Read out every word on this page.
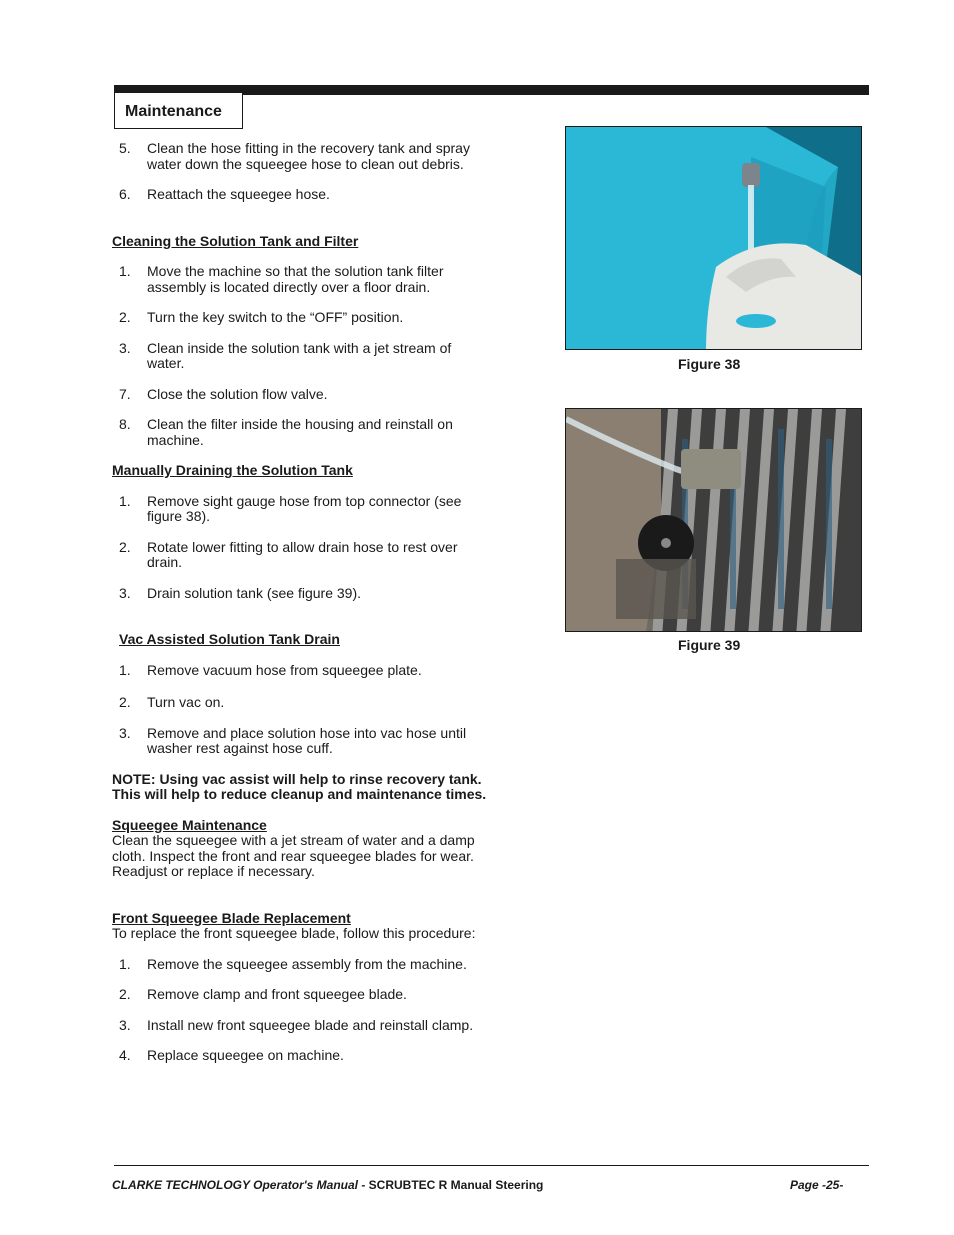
Maintenance
5. Clean the hose fitting in the recovery tank and spray water down the squeegee hose to clean out debris.
6. Reattach the squeegee hose.
Cleaning the Solution Tank and Filter
1. Move the machine so that the solution tank filter assembly is located directly over a floor drain.
2. Turn the key switch to the “OFF” position.
3. Clean inside the solution tank with a jet stream of water.
7. Close the solution flow valve.
8. Clean the filter inside the housing and reinstall on machine.
Manually Draining the Solution Tank
1. Remove sight gauge hose from top connector (see figure 38).
2. Rotate lower fitting to allow drain hose to rest over drain.
3. Drain solution tank (see figure 39).
Vac Assisted Solution Tank Drain
1. Remove vacuum hose from squeegee plate.
2. Turn vac on.
3. Remove and place solution hose into vac hose until washer rest against hose cuff.
NOTE: Using vac assist will help to rinse recovery tank. This will help to reduce cleanup and maintenance times.
Squeegee Maintenance
Clean the squeegee with a jet stream of water and a damp cloth. Inspect the front and rear squeegee blades for wear. Readjust or replace if necessary.
Front Squeegee Blade Replacement
To replace the front squeegee blade, follow this procedure:
1. Remove the squeegee assembly from the machine.
2. Remove clamp and front squeegee blade.
3. Install new front squeegee blade and reinstall clamp.
4. Replace squeegee on machine.
Figure 38
Figure 39
CLARKE TECHNOLOGY Operator's Manual - SCRUBTEC R Manual Steering	Page -25-
